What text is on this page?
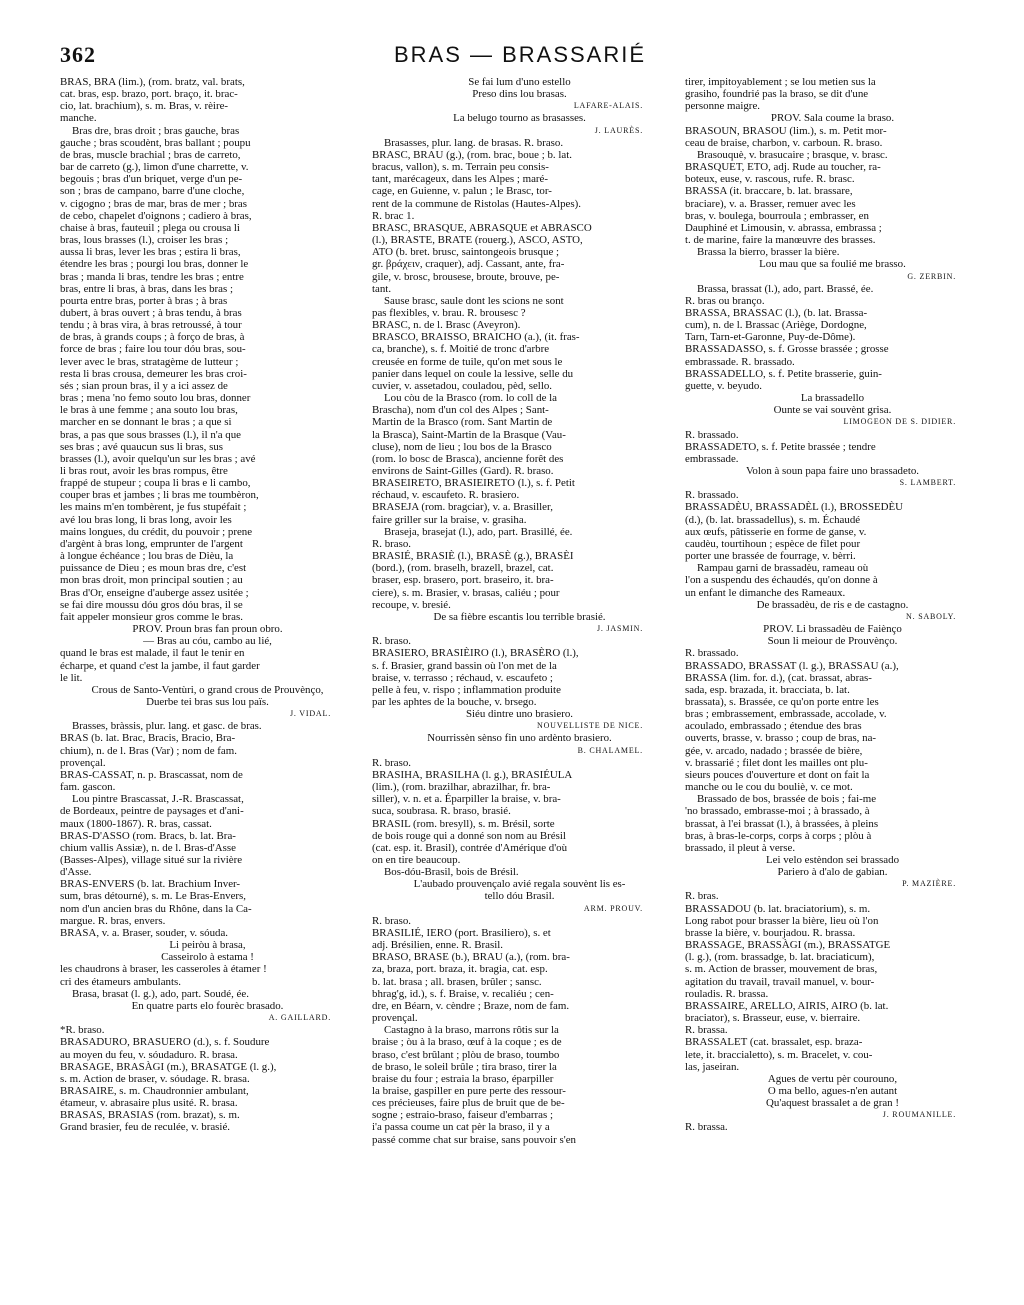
362	BRAS — BRASSARIÉ

BRAS, BRA (lim.), (rom. bratz, val. brats,

cat. bras, esp. brazo, port. braço, it. brac-

cio, lat. brachium), s. m. Bras, v. rèire-

manche.

Bras dre, bras droit ; bras gauche, bras

gauche ; bras scoudènt, bras ballant ; poupu

de bras, muscle brachial ; bras de carreto,

bar de carreto (g.), limon d'une charrette, v.

begouis ; bras d'un briquet, verge d'un pe-

son ; bras de campano, barre d'une cloche,

v. cigogno ; bras de mar, bras de mer ; bras

de cebo, chapelet d'oignons ; cadiero à bras,

chaise à bras, fauteuil ; plega ou crousa li

bras, lous brasses (l.), croiser les bras ;

aussa li bras, lever les bras ; estira li bras,

étendre les bras ; pourgi lou bras, donner le

bras ; manda li bras, tendre les bras ; entre

bras, entre li bras, à bras, dans les bras ;

pourta entre bras, porter à bras ; à bras

dubert, à bras ouvert ; à bras tendu, à bras

tendu ; à bras vira, à bras retroussé, à tour

de bras, à grands coups ; à forço de bras, à

force de bras ; faire lou tour dóu bras, sou-

lever avec le bras, stratagème de lutteur ;

resta li bras crousa, demeurer les bras croi-

sés ; sian proun bras, il y a ici assez de

bras ; mena 'no femo souto lou bras, donner

le bras à une femme ; ana souto lou bras,

marcher en se donnant le bras ; a que si

bras, a pas que sous brasses (l.), il n'a que

ses bras ; avé quaucun sus li bras, sus

brasses (l.), avoir quelqu'un sur les bras ; avé

li bras rout, avoir les bras rompus, être

frappé de stupeur ; coupa li bras e li cambo,

couper bras et jambes ; li bras me toumbèron,

les mains m'en tombèrent, je fus stupéfait ;

avé lou bras long, li bras long, avoir les

mains longues, du crédit, du pouvoir ; prene

d'argènt à bras long, emprunter de l'argent

à longue échéance ; lou bras de Dièu, la

puissance de Dieu ; es moun bras dre, c'est

mon bras droit, mon principal soutien ; au

Bras d'Or, enseigne d'auberge assez usitée ;

se fai dire moussu dóu gros dóu bras, il se

fait appeler monsieur gros comme le bras.

PROV. Proun bras fan proun obro.

— Bras au cóu, cambo au lié,

quand le bras est malade, il faut le tenir en

écharpe, et quand c'est la jambe, il faut garder

le lit.

Crous de Santo-Ventùri, o grand crous de Prouvènço,

Duerbe tei bras sus lou païs.

J. VIDAL.

Brasses, bràssis, plur. lang. et gasc. de bras.

BRAS (b. lat. Brac, Bracis, Bracio, Bra-

chium), n. de l. Bras (Var) ; nom de fam.

provençal.

BRAS-CASSAT, n. p. Brascassat, nom de

fam. gascon.

Lou pintre Brascassat, J.-R. Brascassat,

de Bordeaux, peintre de paysages et d'ani-

maux (1800-1867). R. bras, cassat.

BRAS-D'ASSO (rom. Bracs, b. lat. Bra-

chium vallis Assiæ), n. de l. Bras-d'Asse

(Basses-Alpes), village situé sur la rivière

d'Asse.

BRAS-ENVERS (b. lat. Brachium Inver-

sum, bras détourné), s. m. Le Bras-Envers,

nom d'un ancien bras du Rhône, dans la Ca-

margue. R. bras, envers.

BRASA, v. a. Braser, souder, v. sóuda.

Li peiròu à brasa,

Casseirolo à estama !

les chaudrons à braser, les casseroles à étamer !

cri des étameurs ambulants.

Brasa, brasat (l. g.), ado, part. Soudé, ée.

En quatre parts elo fourèc brasado.

A. GAILLARD.

*R. braso.

BRASADURO, BRASUERO (d.), s. f. Soudure

au moyen du feu, v. sóudaduro. R. brasa.

BRASAGE, BRASÀGI (m.), BRASATGE (l. g.),

s. m. Action de braser, v. sóudage. R. brasa.

BRASAIRE, s. m. Chaudronnier ambulant,

étameur, v. abrasaire plus usité. R. brasa.

BRASAS, BRASIAS (rom. brazat), s. m.

Grand brasier, feu de reculée, v. brasié.

Se fai lum d'uno estello

Preso dins lou brasas.

LAFARE-ALAIS.

La belugo tourno as brasasses.

J. LAURÈS.

Brasasses, plur. lang. de brasas. R. braso.

BRASC, BRAU (g.), (rom. brac, boue ; b. lat.

bracus, vallon), s. m. Terrain peu consis-

tant, marécageux, dans les Alpes ; maré-

cage, en Guienne, v. palun ; le Brasc, tor-

rent de la commune de Ristolas (Hautes-Alpes).

R. brac 1.

BRASC, BRASQUE, ABRASQUE et ABRASCO

(l.), BRASTE, BRATE (rouerg.), ASCO, ASTO,

ATO (b. bret. brusc, saintongeois brusque ;

gr. βράχειν, craquer), adj. Cassant, ante, fra-

gile, v. brosc, brousese, broute, brouve, pe-

tant.

Sause brasc, saule dont les scions ne sont

pas flexibles, v. brau. R. brousesc ?

BRASC, n. de l. Brasc (Aveyron).

BRASCO, BRAISSO, BRAICHO (a.), (it. fras-

ca, branche), s. f. Moitié de tronc d'arbre

creusée en forme de tuile, qu'on met sous le

panier dans lequel on coule la lessive, selle du

cuvier, v. assetadou, couladou, pèd, sello.

Lou còu de la Brasco (rom. lo coll de la

Brascha), nom d'un col des Alpes ; Sant-

Martin de la Brasco (rom. Sant Martin de

la Brasca), Saint-Martin de la Brasque (Vau-

cluse), nom de lieu ; lou bos de la Brasco

(rom. lo bosc de Brasca), ancienne forêt des

environs de Saint-Gilles (Gard). R. braso.

BRASEIRETO, BRASIEIRETO (l.), s. f. Petit

réchaud, v. escaufeto. R. brasiero.

BRASEJA (rom. bragciar), v. a. Brasiller,

faire griller sur la braise, v. grasiha.

Braseja, brasejat (l.), ado, part. Brasillé, ée.

R. braso.

BRASIÉ, BRASIÈ (l.), BRASÈ (g.), BRASÈI

(bord.), (rom. braselh, brazell, brazel, cat.

braser, esp. brasero, port. braseiro, it. bra-

ciere), s. m. Brasier, v. brasas, caliéu ; pour

recoupe, v. bresié.

De sa fièbre escantis lou terrible brasié.

J. JASMIN.

R. braso.

BRASIERO, BRASIÈIRO (l.), BRASÈRO (l.),

s. f. Brasier, grand bassin où l'on met de la

braise, v. terrasso ; réchaud, v. escaufeto ;

pelle à feu, v. rispo ; inflammation produite

par les aphtes de la bouche, v. brsego.

Siéu dintre uno brasiero.

NOUVELLISTE DE NICE.

Nourrissèn sènso fin uno ardènto brasiero.

B. CHALAMEL.

R. braso.

BRASIHA, BRASILHA (l. g.), BRASIÉULA

(lim.), (rom. brazilhar, abrazilhar, fr. bra-

siller), v. n. et a. Éparpiller la braise, v. bra-

suca, soubrasa. R. braso, brasié.

BRASIL (rom. bresyll), s. m. Brésil, sorte

de bois rouge qui a donné son nom au Brésil

(cat. esp. it. Brasil), contrée d'Amérique d'où

on en tire beaucoup.

Bos-dóu-Brasil, bois de Brésil.

L'aubado prouvençalo avié regala souvènt lis es-

tello dóu Brasil.

ARM. PROUV.

R. braso.

BRASILIÉ, IERO (port. Brasiliero), s. et

adj. Brésilien, enne. R. Brasil.

BRASO, BRASE (b.), BRAU (a.), (rom. bra-

za, braza, port. braza, it. bragia, cat. esp.

b. lat. brasa ; all. brasen, brûler ; sansc.

bhrag'g, id.), s. f. Braise, v. recaliéu ; cen-

dre, en Béarn, v. cèndre ; Braze, nom de fam.

provençal.

Castagno à la braso, marrons rôtis sur la

braise ; òu à la braso, œuf à la coque ; es de

braso, c'est brûlant ; plòu de braso, toumbo

de braso, le soleil brûle ; tira braso, tirer la

braise du four ; estraia la braso, éparpiller

la braise, gaspiller en pure perte des ressour-

ces précieuses, faire plus de bruit que de be-

sogne ; estraio-braso, faiseur d'embarras ;

i'a passa coume un cat pèr la braso, il y a

passé comme chat sur braise, sans pouvoir s'en

tirer, impitoyablement ; se lou metien sus la

grasiho, foundrié pas la braso, se dit d'une

personne maigre.

PROV. Sala coume la braso.

BRASOUN, BRASOU (lim.), s. m. Petit mor-

ceau de braise, charbon, v. carboun. R. braso.

Brasouquè, v. brasucaire ; brasque, v. brasc.

BRASQUET, ETO, adj. Rude au toucher, ra-

boteux, euse, v. rascous, rufe. R. brasc.

BRASSA (it. braccare, b. lat. brassare,

braciare), v. a. Brasser, remuer avec les

bras, v. boulega, bourroula ; embrasser, en

Dauphiné et Limousin, v. abrassa, embrassa ;

t. de marine, faire la manœuvre des brasses.

Brassa la bierro, brasser la bière.

Lou mau que sa foulié me brasso.

G. ZERBIN.

Brassa, brassat (l.), ado, part. Brassé, ée.

R. bras ou branço.

BRASSA, BRASSAC (l.), (b. lat. Brassa-

cum), n. de l. Brassac (Ariège, Dordogne,

Tarn, Tarn-et-Garonne, Puy-de-Dôme).

BRASSADASSO, s. f. Grosse brassée ; grosse

embrassade. R. brassado.

BRASSADELLO, s. f. Petite brasserie, guin-

guette, v. beyudo.

La brassadello

Ounte se vai souvènt grisa.

LIMOGEON DE S. DIDIER.

R. brassado.

BRASSADETO, s. f. Petite brassée ; tendre

embrassade.

Volon à soun papa faire uno brassadeto.

S. LAMBERT.

R. brassado.

BRASSADÈU, BRASSADÈL (l.), BROSSEDÈU

(d.), (b. lat. brassadellus), s. m. Échaudé

aux œufs, pâtisserie en forme de ganse, v.

caudèu, tourtihoun ; espèce de filet pour

porter une brassée de fourrage, v. bèrri.

Rampau garni de brassadèu, rameau où

l'on a suspendu des échaudés, qu'on donne à

un enfant le dimanche des Rameaux.

De brassadèu, de ris e de castagno.

N. SABOLY.

PROV. Li brassadèu de Faiènço

Soun li meiour de Prouvènço.

R. brassado.

BRASSADO, BRASSAT (l. g.), BRASSAU (a.),

BRASSA (lim. for. d.), (cat. brassat, abras-

sada, esp. brazada, it. bracciata, b. lat.

brassata), s. Brassée, ce qu'on porte entre les

bras ; embrassement, embrassade, accolade, v.

acoulado, embrassado ; étendue des bras

ouverts, brasse, v. brasso ; coup de bras, na-

gée, v. arcado, nadado ; brassée de bière,

v. brassarié ; filet dont les mailles ont plu-

sieurs pouces d'ouverture et dont on fait la

manche ou le cou du bouliè, v. ce mot.

Brassado de bos, brassée de bois ; fai-me

'no brassado, embrasse-moi ; à brassado, à

brassat, à l'ei brassat (l.), à brassées, à pleins

bras, à bras-le-corps, corps à corps ; plòu à

brassado, il pleut à verse.

Lei velo estèndon sei brassado

Pariero à d'alo de gabian.

P. MAZIÈRE.

R. bras.

BRASSADOU (b. lat. braciatorium), s. m.

Long rabot pour brasser la bière, lieu où l'on

brasse la bière, v. bourjadou. R. brassa.

BRASSAGE, BRASSÀGI (m.), BRASSATGE

(l. g.), (rom. brassadge, b. lat. braciaticum),

s. m. Action de brasser, mouvement de bras,

agitation du travail, travail manuel, v. bour-

rouladis. R. brassa.

BRASSAIRE, ARELLO, AIRIS, AIRO (b. lat.

braciator), s. Brasseur, euse, v. bierraire.

R. brassa.

BRASSALET (cat. brassalet, esp. braza-

lete, it. braccialetto), s. m. Bracelet, v. cou-

las, jaseiran.

Agues de vertu pèr courouno,

O ma bello, agues-n'en autant

Qu'aquest brassalet a de gran !

J. ROUMANILLE.

R. brassa.
